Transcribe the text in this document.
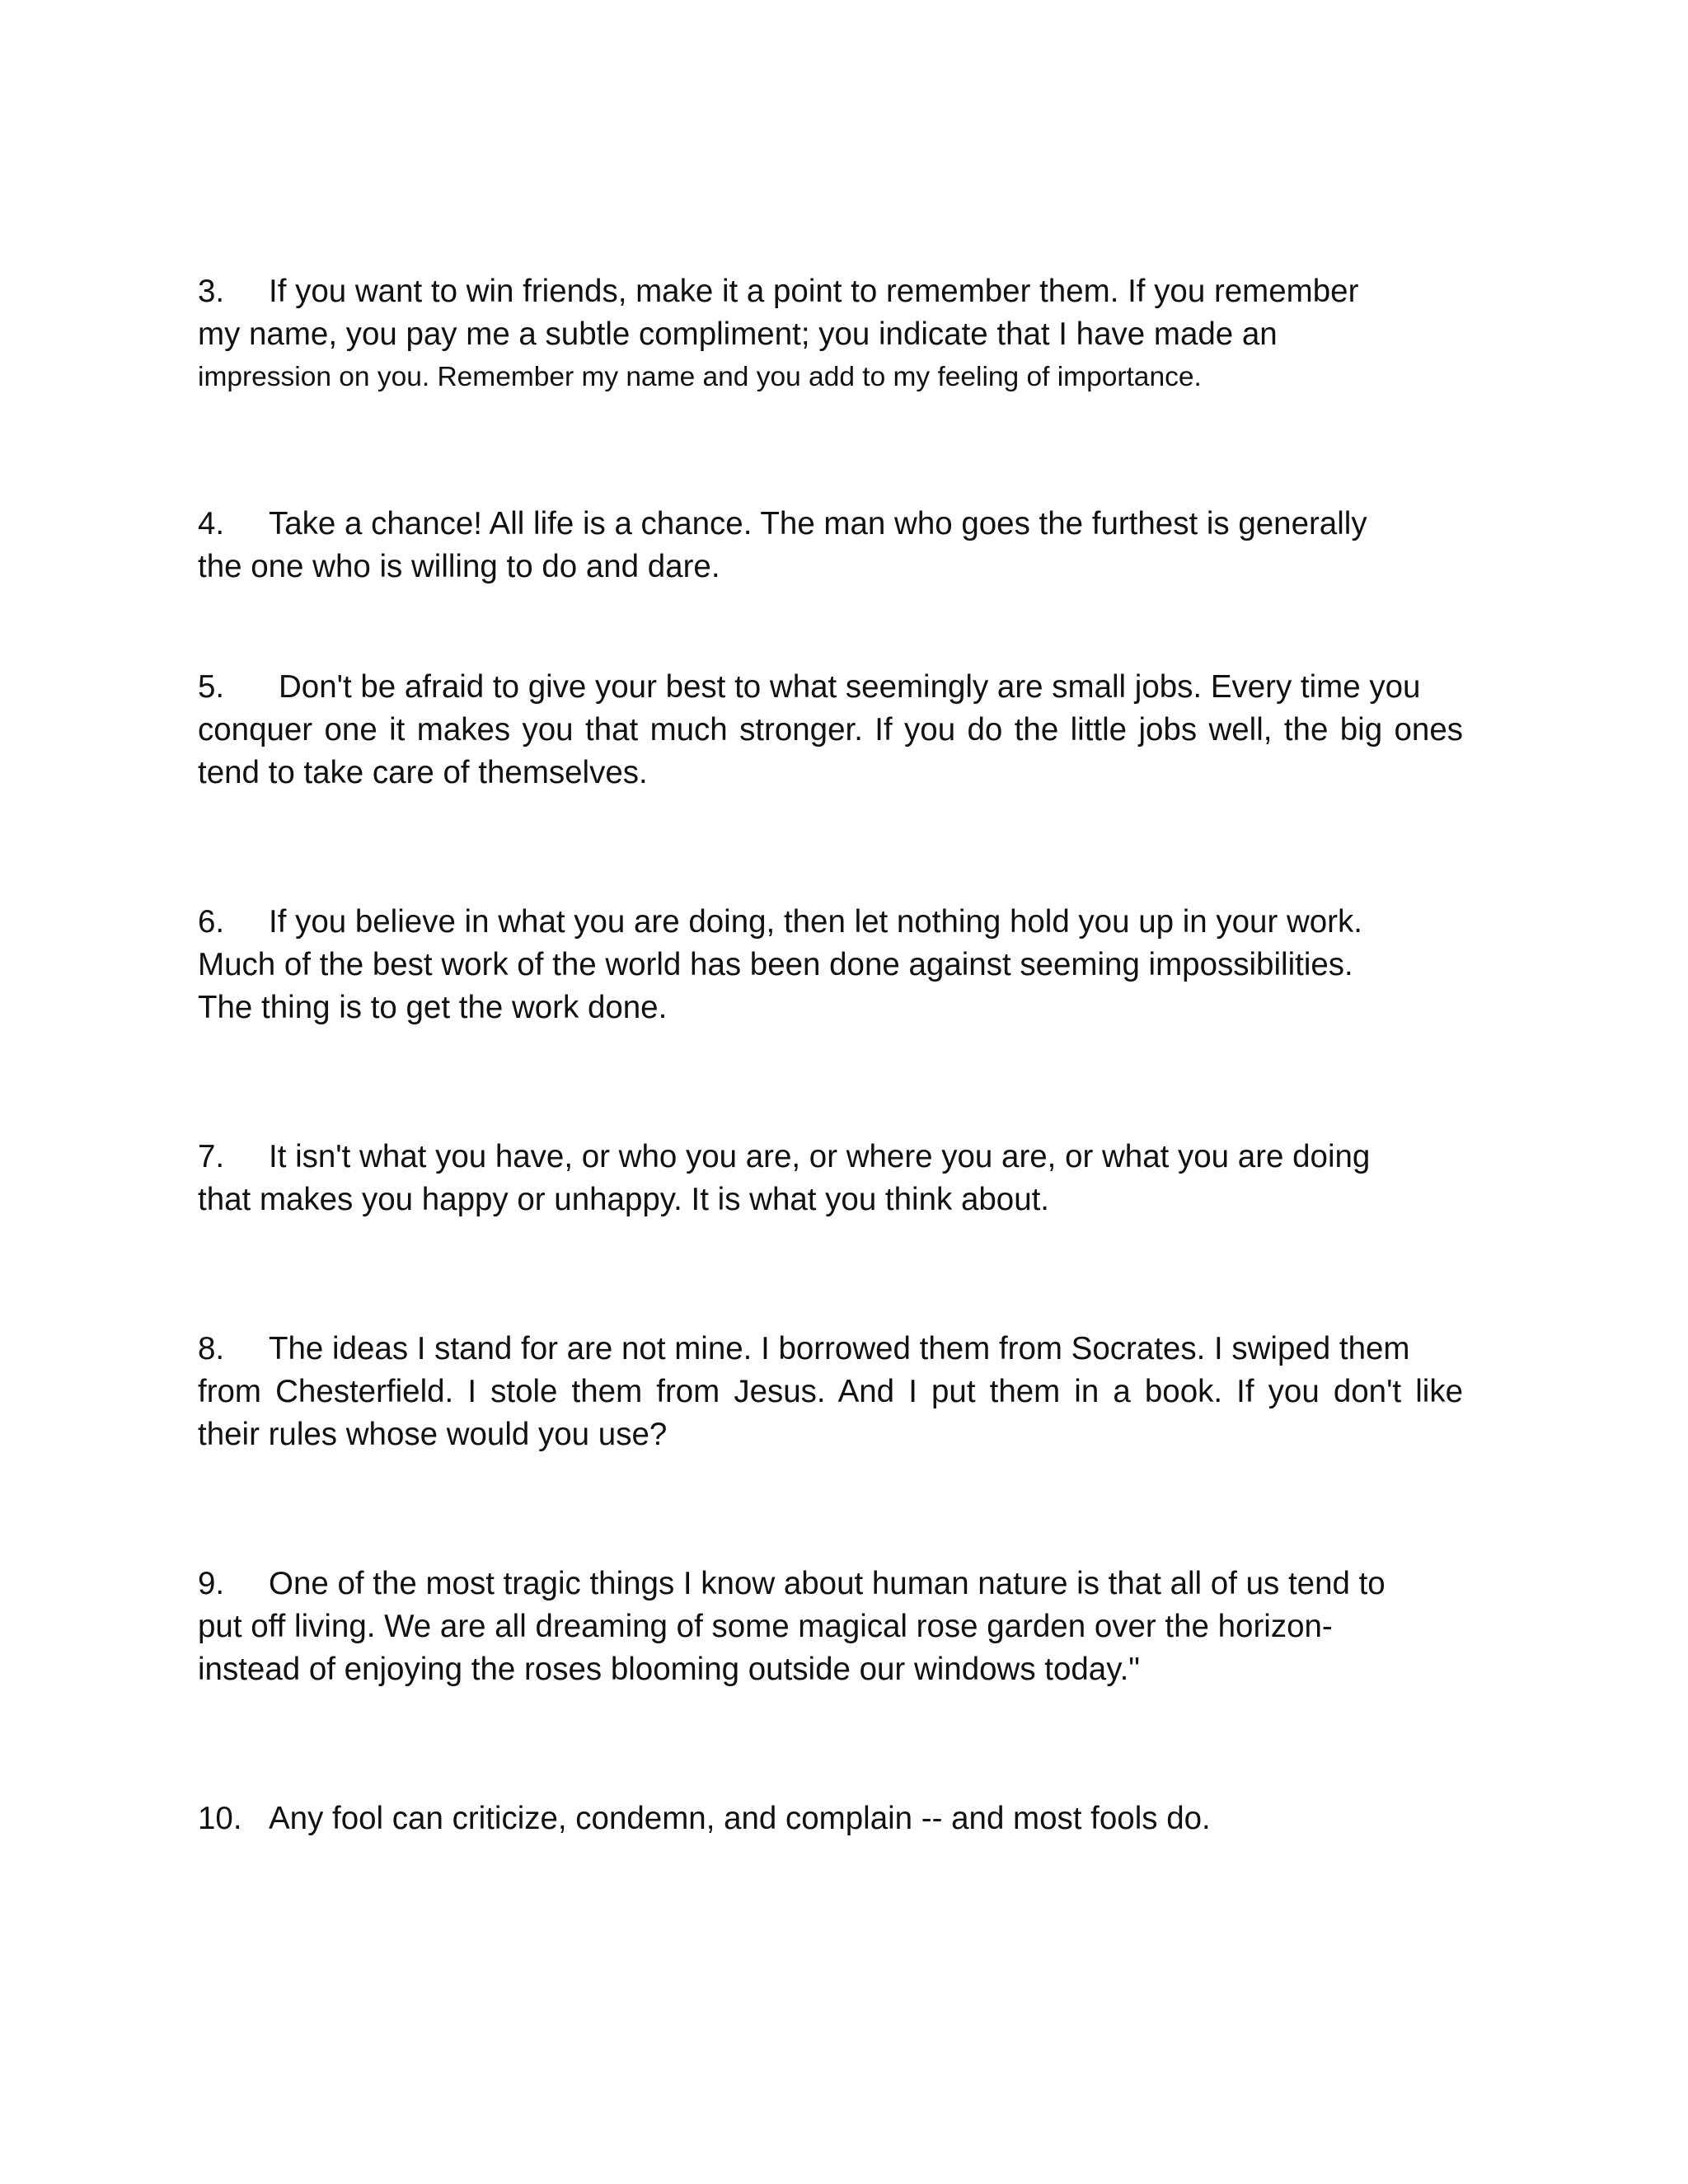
3. If you want to win friends, make it a point to remember them. If you remember
my name, you pay me a subtle compliment; you indicate that I have made an
impression on you. Remember my name and you add to my feeling of importance.
4. Take a chance! All life is a chance. The man who goes the furthest is generally
the one who is willing to do and dare.
5. Don't be afraid to give your best to what seemingly are small jobs. Every time you
conquer one it makes you that much stronger. If you do the little jobs well, the big ones
tend to take care of themselves.
6. If you believe in what you are doing, then let nothing hold you up in your work.
Much of the best work of the world has been done against seeming impossibilities.
The thing is to get the work done.
7. It isn't what you have, or who you are, or where you are, or what you are doing
that makes you happy or unhappy. It is what you think about.
8. The ideas I stand for are not mine. I borrowed them from Socrates. I swiped them
from Chesterfield. I stole them from Jesus. And I put them in a book. If you don't like
their rules whose would you use?
9. One of the most tragic things I know about human nature is that all of us tend to
put off living. We are all dreaming of some magical rose garden over the horizon-
instead of enjoying the roses blooming outside our windows today."
10. Any fool can criticize, condemn, and complain -- and most fools do.
